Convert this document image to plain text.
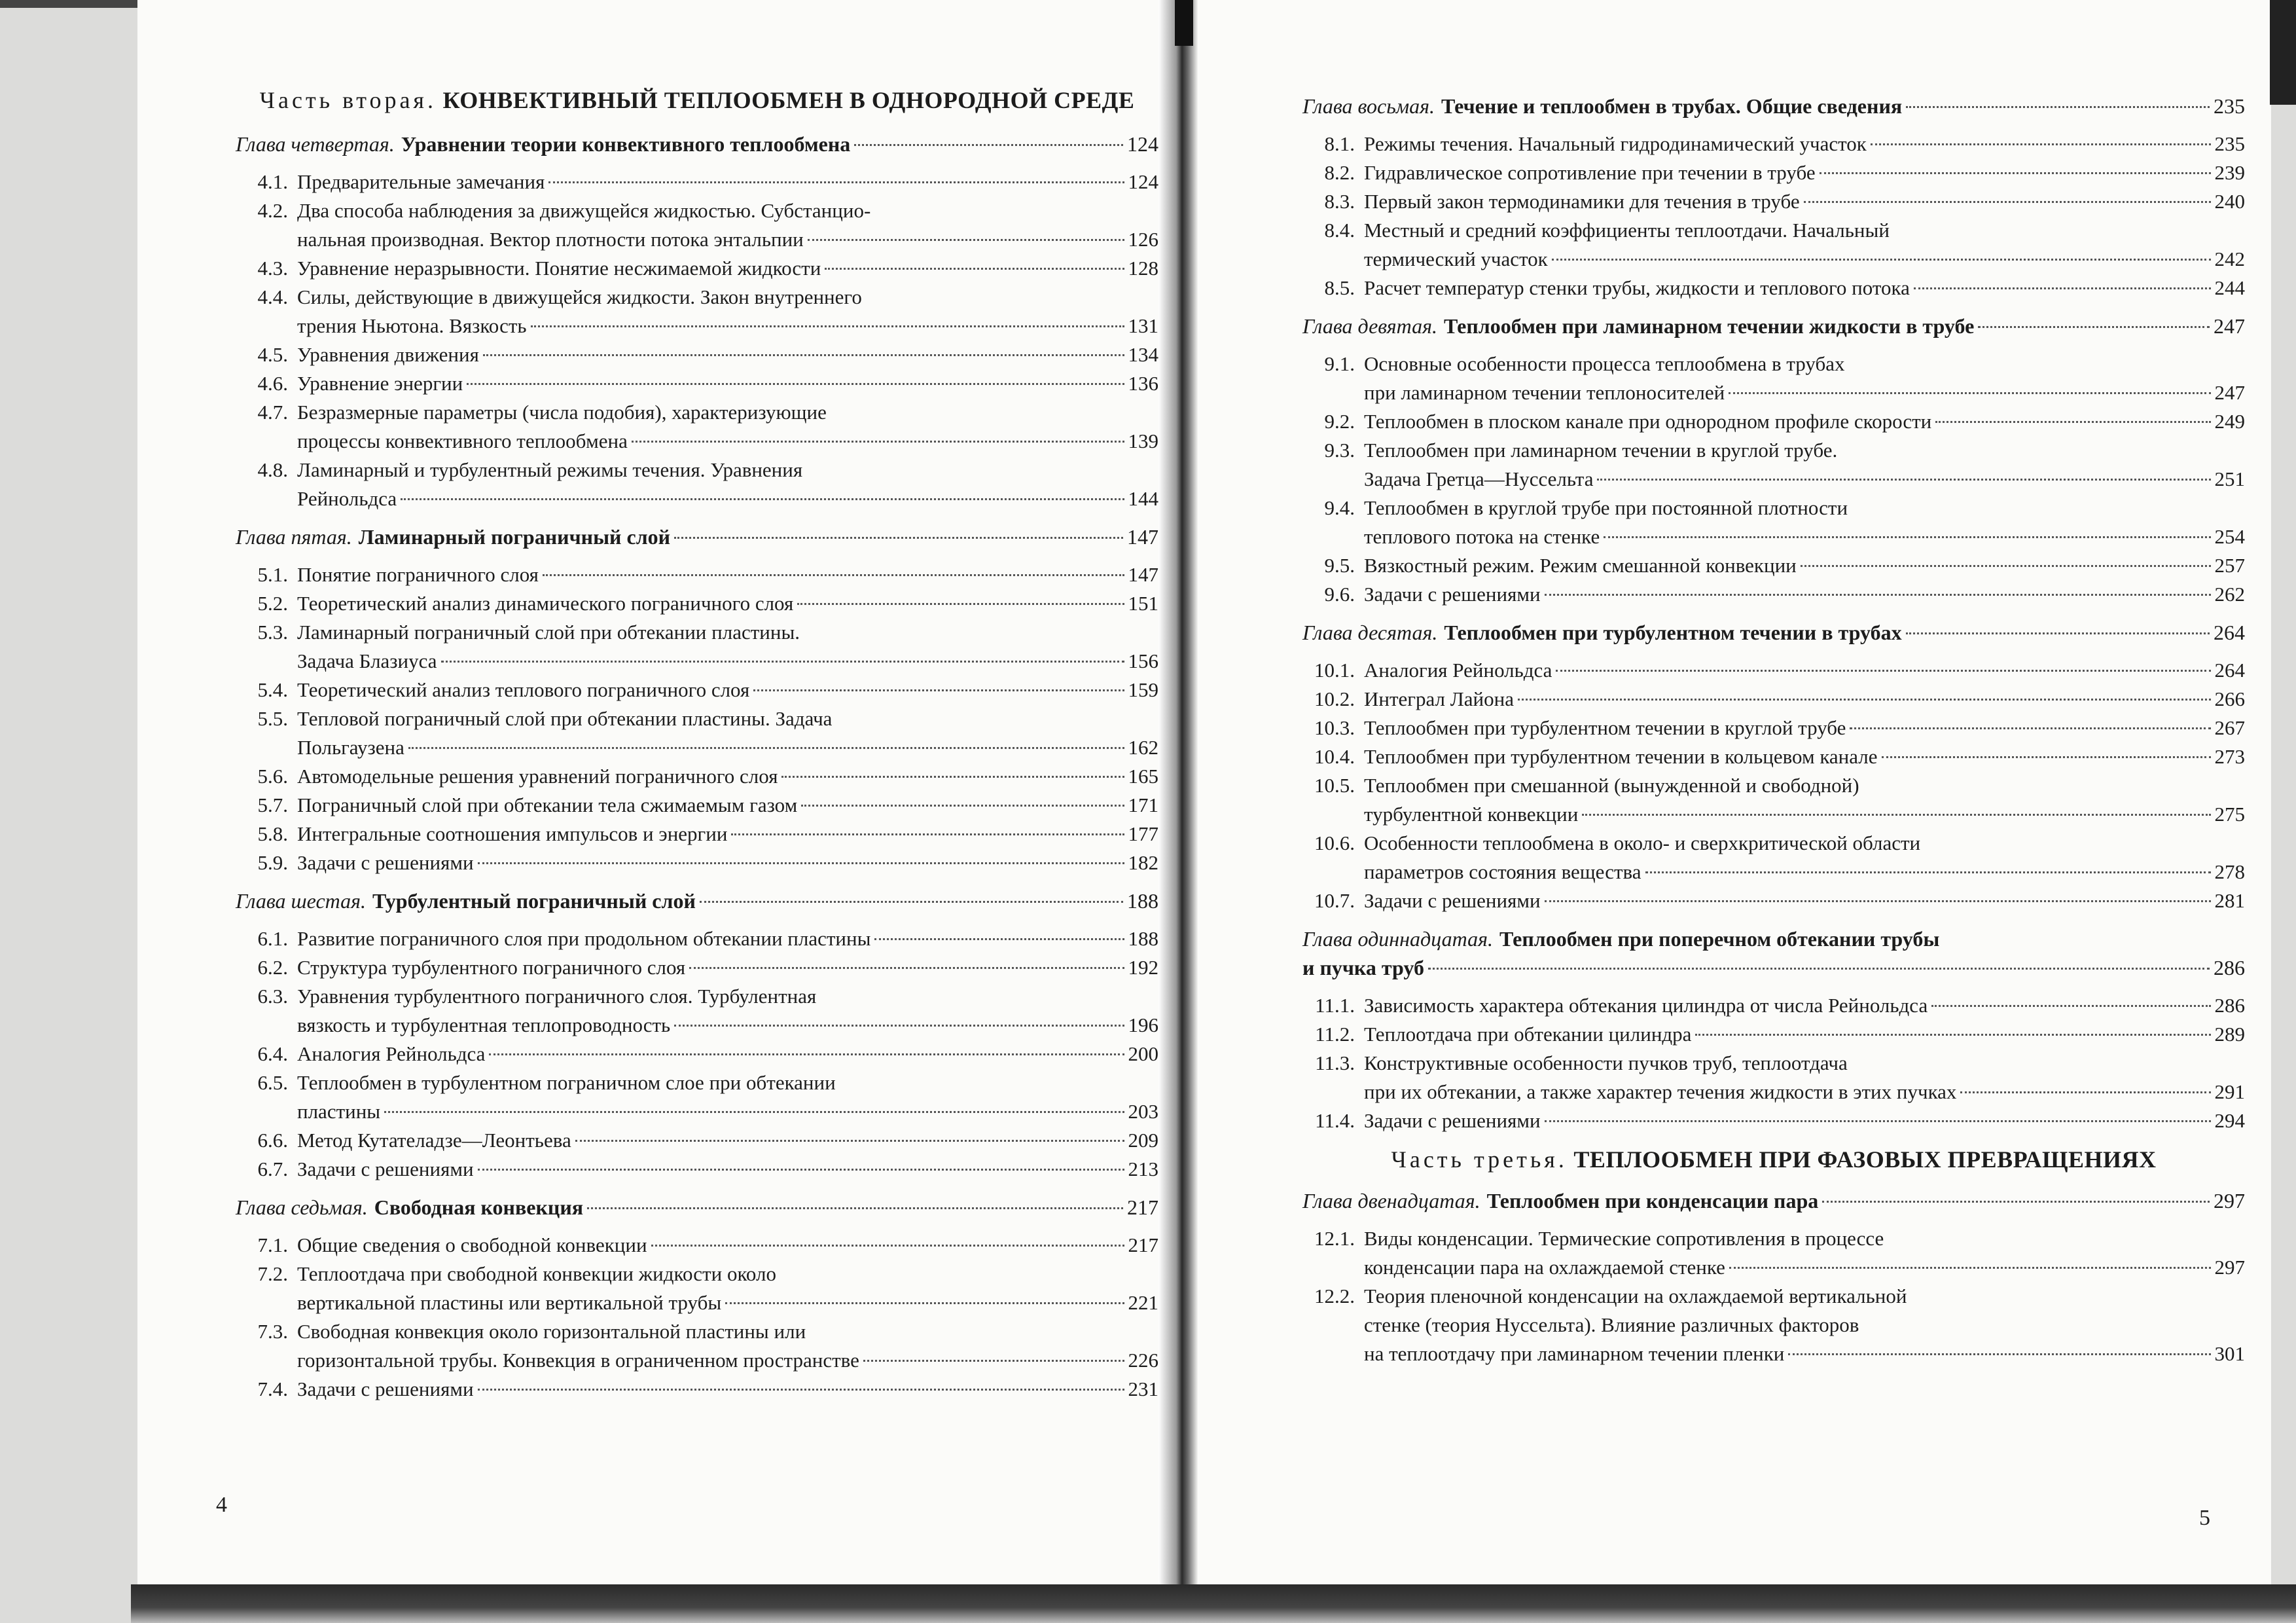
Часть вторая. КОНВЕКТИВНЫЙ ТЕПЛООБМЕН В ОДНОРОДНОЙ СРЕДЕ
Глава четвертая. Уравнении теории конвективного теплообмена	124
4.1. Предварительные замечания	124
4.2. Два способа наблюдения за движущейся жидкостью. Субстанцио-
нальная производная. Вектор плотности потока энтальпии	126
4.3. Уравнение неразрывности. Понятие несжимаемой жидкости	128
4.4. Силы, действующие в движущейся жидкости. Закон внутреннего
трения Ньютона. Вязкость	131
4.5. Уравнения движения	134
4.6. Уравнение энергии	136
4.7. Безразмерные параметры (числа подобия), характеризующие
процессы конвективного теплообмена	139
4.8. Ламинарный и турбулентный режимы течения. Уравнения
Рейнольдса	144
Глава пятая. Ламинарный пограничный слой	147
5.1. Понятие пограничного слоя	147
5.2. Теоретический анализ динамического пограничного слоя	151
5.3. Ламинарный пограничный слой при обтекании пластины.
Задача Блазиуса	156
5.4. Теоретический анализ теплового пограничного слоя	159
5.5. Тепловой пограничный слой при обтекании пластины. Задача
Польгаузена	162
5.6. Автомодельные решения уравнений пограничного слоя	165
5.7. Пограничный слой при обтекании тела сжимаемым газом	171
5.8. Интегральные соотношения импульсов и энергии	177
5.9. Задачи с решениями	182
Глава шестая. Турбулентный пограничный слой	188
6.1. Развитие пограничного слоя при продольном обтекании пластины	188
6.2. Структура турбулентного пограничного слоя	192
6.3. Уравнения турбулентного пограничного слоя. Турбулентная
вязкость и турбулентная теплопроводность	196
6.4. Аналогия Рейнольдса	200
6.5. Теплообмен в турбулентном пограничном слое при обтекании
пластины	203
6.6. Метод Кутателадзе—Леонтьева	209
6.7. Задачи с решениями	213
Глава седьмая. Свободная конвекция	217
7.1. Общие сведения о свободной конвекции	217
7.2. Теплоотдача при свободной конвекции жидкости около
вертикальной пластины или вертикальной трубы	221
7.3. Свободная конвекция около горизонтальной пластины или
горизонтальной трубы. Конвекция в ограниченном пространстве	226
7.4. Задачи с решениями	231
4
Глава восьмая. Течение и теплообмен в трубах. Общие сведения	235
8.1. Режимы течения. Начальный гидродинамический участок	235
8.2. Гидравлическое сопротивление при течении в трубе	239
8.3. Первый закон термодинамики для течения в трубе	240
8.4. Местный и средний коэффициенты теплоотдачи. Начальный
термический участок	242
8.5. Расчет температур стенки трубы, жидкости и теплового потока	244
Глава девятая. Теплообмен при ламинарном течении жидкости в трубе	247
9.1. Основные особенности процесса теплообмена в трубах
при ламинарном течении теплоносителей	247
9.2. Теплообмен в плоском канале при однородном профиле скорости	249
9.3. Теплообмен при ламинарном течении в круглой трубе.
Задача Гретца—Нуссельта	251
9.4. Теплообмен в круглой трубе при постоянной плотности
теплового потока на стенке	254
9.5. Вязкостный режим. Режим смешанной конвекции	257
9.6. Задачи с решениями	262
Глава десятая. Теплообмен при турбулентном течении в трубах	264
10.1. Аналогия Рейнольдса	264
10.2. Интеграл Лайона	266
10.3. Теплообмен при турбулентном течении в круглой трубе	267
10.4. Теплообмен при турбулентном течении в кольцевом канале	273
10.5. Теплообмен при смешанной (вынужденной и свободной)
турбулентной конвекции	275
10.6. Особенности теплообмена в около- и сверхкритической области
параметров состояния вещества	278
10.7. Задачи с решениями	281
Глава одиннадцатая. Теплообмен при поперечном обтекании трубы
и пучка труб	286
11.1. Зависимость характера обтекания цилиндра от числа Рейнольдса	286
11.2. Теплоотдача при обтекании цилиндра	289
11.3. Конструктивные особенности пучков труб, теплоотдача
при их обтекании, а также характер течения жидкости в этих пучках	291
11.4. Задачи с решениями	294
Часть третья. ТЕПЛООБМЕН ПРИ ФАЗОВЫХ ПРЕВРАЩЕНИЯХ
Глава двенадцатая. Теплообмен при конденсации пара	297
12.1. Виды конденсации. Термические сопротивления в процессе
конденсации пара на охлаждаемой стенке	297
12.2. Теория пленочной конденсации на охлаждаемой вертикальной
стенке (теория Нуссельта). Влияние различных факторов
на теплоотдачу при ламинарном течении пленки	301
5
